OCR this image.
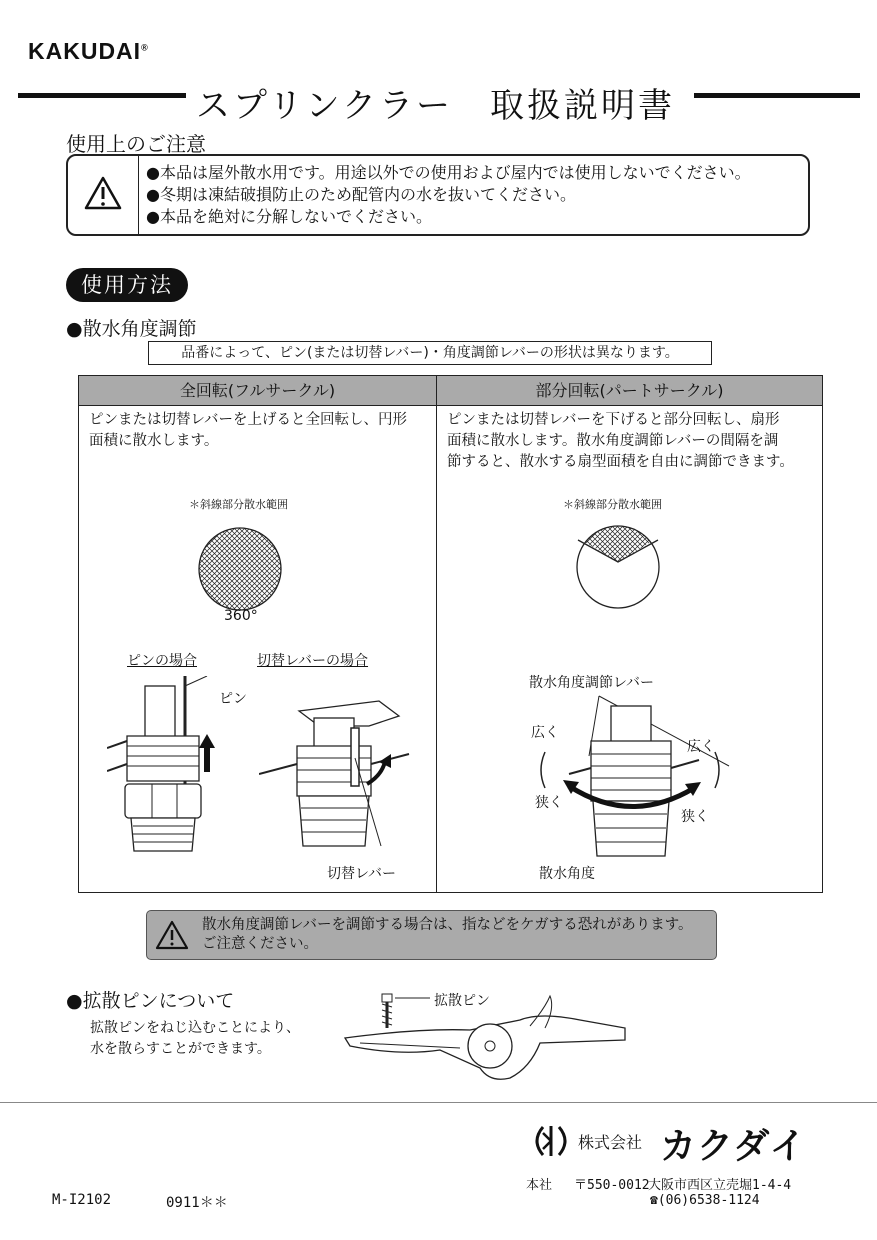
KAKUDAI®
スプリンクラー　取扱説明書
使用上のご注意
●本品は屋外散水用です。用途以外での使用および屋内では使用しないでください。
●冬期は凍結破損防止のため配管内の水を抜いてください。
●本品を絶対に分解しないでください。
使用方法
●散水角度調節
品番によって、ピン(または切替レバー)・角度調節レバーの形状は異なります。
全回転(フルサークル)	部分回転(パートサークル)
ピンまたは切替レバーを上げると全回転し、円形
面積に散水します。
＊斜線部分散水範囲
360°
ピンの場合	切替レバーの場合
ピン
切替レバー
ピンまたは切替レバーを下げると部分回転し、扇形
面積に散水します。散水角度調節レバーの間隔を調
節すると、散水する扇型面積を自由に調節できます。
＊斜線部分散水範囲
散水角度調節レバー
広く
狭く
広く
狭く
散水角度
散水角度調節レバーを調節する場合は、指などをケガする恐れがあります。
ご注意ください。
●拡散ピンについて
拡散ピンをねじ込むことにより、
水を散らすことができます。
拡散ピン
株式会社 カクダイ
本社 〒550-0012
大阪市西区立売堀1-4-4
☎(06)6538-1124
M-I2102	0911＊＊
